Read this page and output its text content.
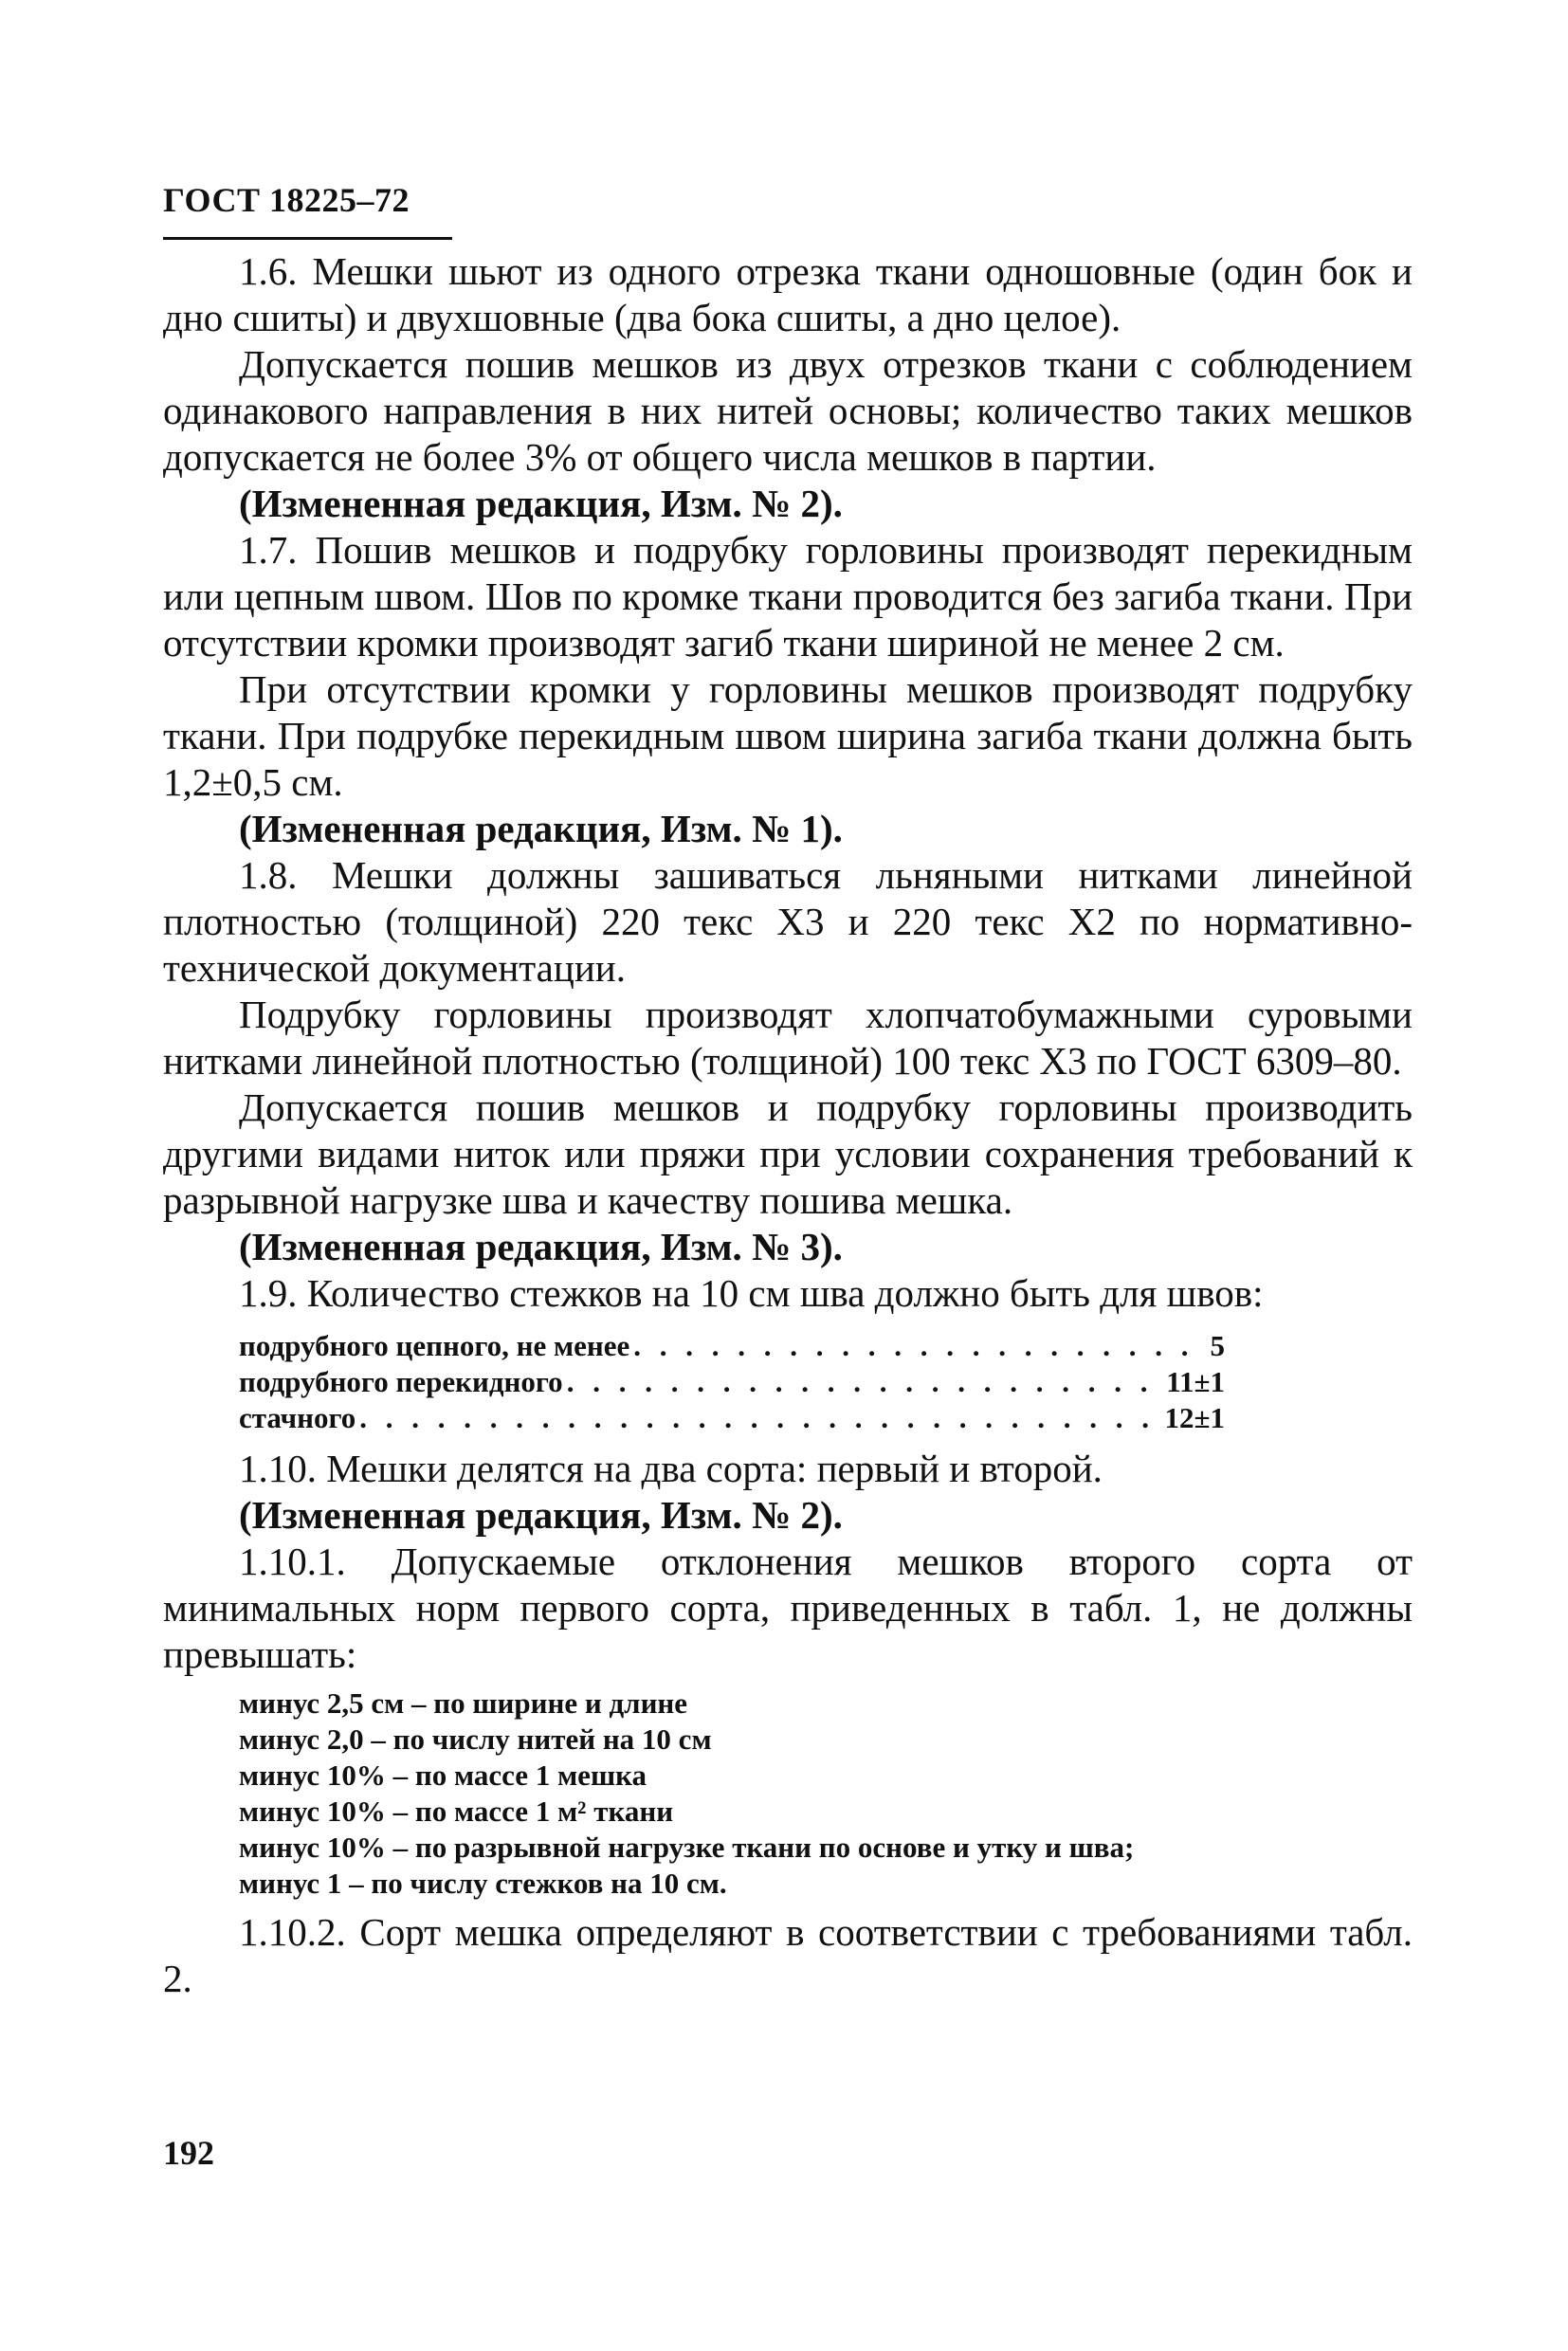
ГОСТ 18225–72

1.6. Мешки шьют из одного отрезка ткани одношовные (один бок и дно сшиты) и двухшовные (два бока сшиты, а дно целое).

Допускается пошив мешков из двух отрезков ткани с соблюдением одинакового направления в них нитей основы; количество таких мешков допускается не более 3% от общего числа мешков в партии.

(Измененная редакция, Изм. № 2).

1.7. Пошив мешков и подрубку горловины производят перекидным или цепным швом. Шов по кромке ткани проводится без загиба ткани. При отсутствии кромки производят загиб ткани шириной не менее 2 см.

При отсутствии кромки у горловины мешков производят подрубку ткани. При подрубке перекидным швом ширина загиба ткани должна быть 1,2±0,5 см.

(Измененная редакция, Изм. № 1).

1.8. Мешки должны зашиваться льняными нитками линейной плотностью (толщиной) 220 текс Х3 и 220 текс Х2 по нормативно-технической документации.

Подрубку горловины производят хлопчатобумажными суровыми нитками линейной плотностью (толщиной) 100 текс Х3 по ГОСТ 6309–80.

Допускается пошив мешков и подрубку горловины производить другими видами ниток или пряжи при условии сохранения требований к разрывной нагрузке шва и качеству пошива мешка.

(Измененная редакция, Изм. № 3).

1.9. Количество стежков на 10 см шва должно быть для швов:

подрубного цепного, не менее . . .	5
подрубного перекидного . . .	11±1
стачного . . .	12±1

1.10. Мешки делятся на два сорта: первый и второй.

(Измененная редакция, Изм. № 2).

1.10.1. Допускаемые отклонения мешков второго сорта от минимальных норм первого сорта, приведенных в табл. 1, не должны превышать:

минус 2,5 см – по ширине и длине
минус 2,0 – по числу нитей на 10 см
минус 10% – по массе 1 мешка
минус 10% – по массе 1 м² ткани
минус 10% – по разрывной нагрузке ткани по основе и утку и шва;
минус 1 – по числу стежков на 10 см.

1.10.2. Сорт мешка определяют в соответствии с требованиями табл. 2.

192
